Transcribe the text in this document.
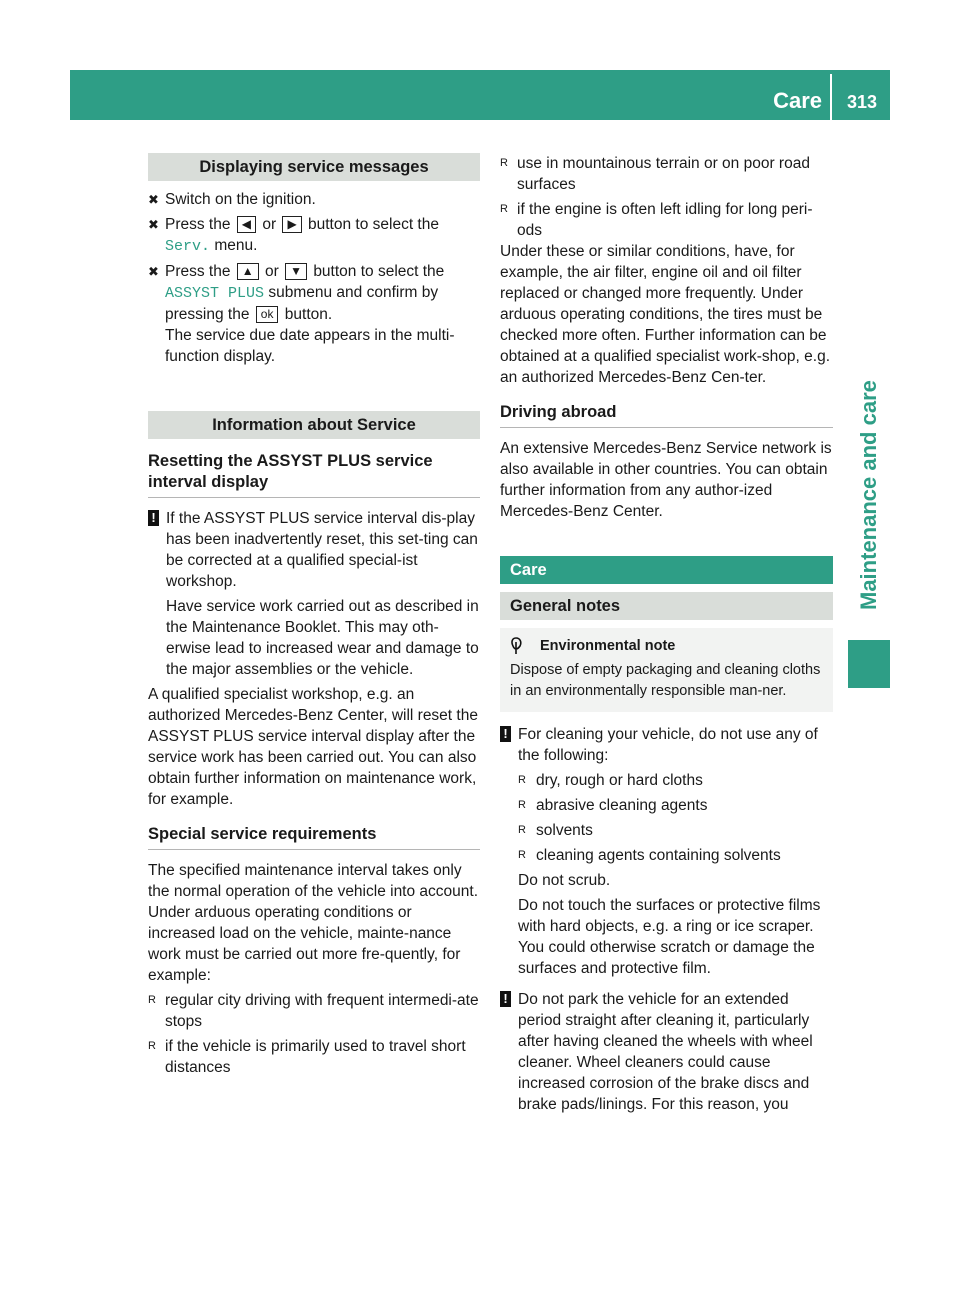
Care	313
Maintenance and care
Displaying service messages
✖ Switch on the ignition.
✖ Press the ◀ or ▶ button to select the Serv. menu.
✖ Press the ▲ or ▼ button to select the ASSYST PLUS submenu and confirm by pressing the ok button.
The service due date appears in the multi-function display.
Information about Service
Resetting the ASSYST PLUS service interval display
! If the ASSYST PLUS service interval dis-play has been inadvertently reset, this set-ting can be corrected at a qualified special-ist workshop.

Have service work carried out as described in the Maintenance Booklet. This may oth-erwise lead to increased wear and damage to the major assemblies or the vehicle.

A qualified specialist workshop, e.g. an authorized Mercedes-Benz Center, will reset the ASSYST PLUS service interval display after the service work has been carried out. You can also obtain further information on maintenance work, for example.

Special service requirements

The specified maintenance interval takes only the normal operation of the vehicle into account. Under arduous operating conditions or increased load on the vehicle, mainte-nance work must be carried out more fre-quently, for example:

R regular city driving with frequent intermedi-ate stops
R if the vehicle is primarily used to travel short distances
R use in mountainous terrain or on poor road surfaces
R if the engine is often left idling for long peri-ods

Under these or similar conditions, have, for example, the air filter, engine oil and oil filter replaced or changed more frequently. Under arduous operating conditions, the tires must be checked more often. Further information can be obtained at a qualified specialist work-shop, e.g. an authorized Mercedes-Benz Cen-ter.

Driving abroad

An extensive Mercedes-Benz Service network is also available in other countries. You can obtain further information from any author-ized Mercedes-Benz Center.

Care
General notes
Environmental note
Dispose of empty packaging and cleaning cloths in an environmentally responsible man-ner.
! For cleaning your vehicle, do not use any of the following:

R dry, rough or hard cloths
R abrasive cleaning agents
R solvents
R cleaning agents containing solvents

Do not scrub.

Do not touch the surfaces or protective films with hard objects, e.g. a ring or ice scraper. You could otherwise scratch or damage the surfaces and protective film.

! Do not park the vehicle for an extended period straight after cleaning it, particularly after having cleaned the wheels with wheel cleaner. Wheel cleaners could cause increased corrosion of the brake discs and brake pads/linings. For this reason, you
